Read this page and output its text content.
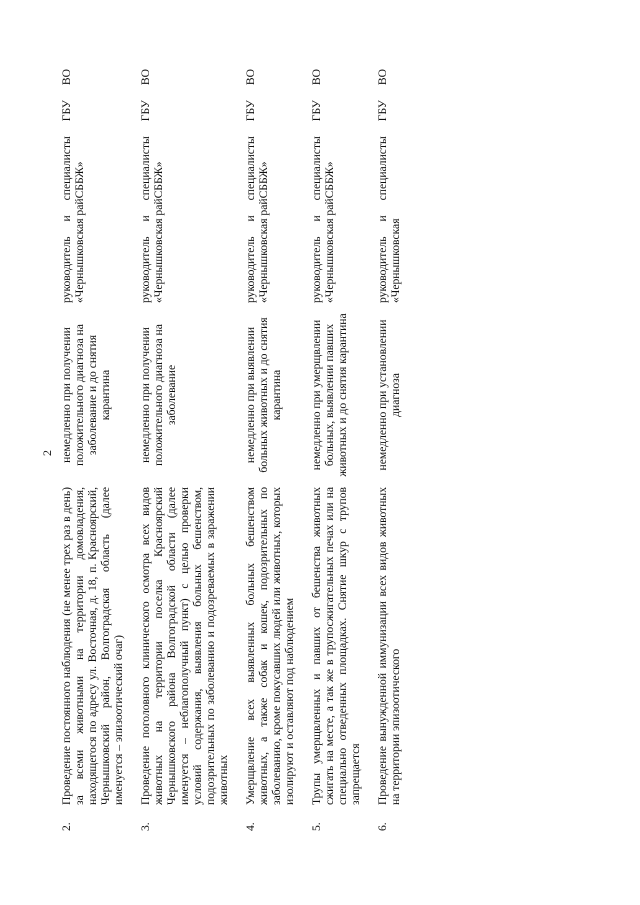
2
2.	Проведение постоянного наблюдения (не менее трех раз в день) за всеми животными на территории домовладения, находящегося по адресу ул. Восточная, д. 18, п. Красноярский, Чернышковский район, Волгоградская область (далее именуется – эпизоотический очаг)	немедленно при получении положительного диагноза на заболевание и до снятия карантина	руководитель и специалисты ГБУ ВО «Чернышковская райСББЖ»
3.	Проведение поголовного клинического осмотра всех видов животных на территории поселка Красноярский Чернышковского района Волгоградской области (далее именуется – неблагополучный пункт) с целью проверки условий содержания, выявления больных бешенством, подозрительных по заболеванию и подозреваемых в заражении животных	немедленно при получении положительного диагноза на заболевание	руководитель и специалисты ГБУ ВО «Чернышковская райСББЖ»
4.	Умерщвление всех выявленных больных бешенством животных, а также собак и кошек, подозрительных по заболеванию, кроме покусавших людей или животных, которых изолируют и оставляют под наблюдением	немедленно при выявлении больных животных и до снятия карантина	руководитель и специалисты ГБУ ВО «Чернышковская райСББЖ»
5.	Трупы умерщвленных и павших от бешенства животных сжигать на месте, а так же в трупосжигательных печах или на специально отведенных площадках. Снятие шкур с трупов запрещается	немедленно при умерщвлении больных, выявлении павших животных и до снятия карантина	руководитель и специалисты ГБУ ВО «Чернышковская райСББЖ»
6.	Проведение вынужденной иммунизации всех видов животных на территории эпизоотического	немедленно при установлении диагноза	руководитель и специалисты ГБУ ВО «Чернышковская
